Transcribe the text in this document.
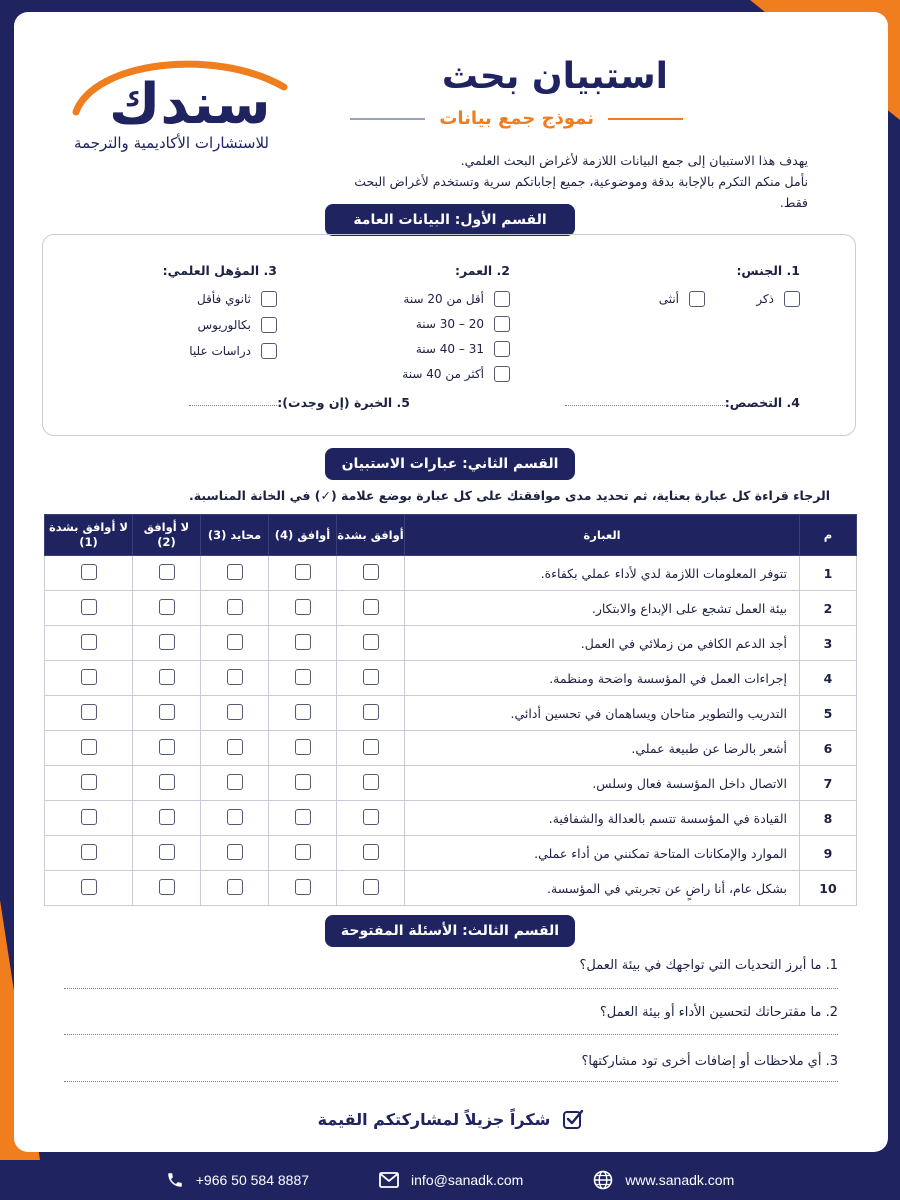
سندك
للاستشارات الأكاديمية والترجمة
استبيان بحث
نموذج جمع بيانات
يهدف هذا الاستبيان إلى جمع البيانات اللازمة لأغراض البحث العلمي.
نأمل منكم التكرم بالإجابة بدقة وموضوعية، جميع إجاباتكم سرية وتستخدم لأغراض البحث فقط.
القسم الأول: البيانات العامة
1. الجنس:
ذكر
أنثى
2. العمر:
أقل من 20 سنة
20 – 30 سنة
31 – 40 سنة
أكثر من 40 سنة
3. المؤهل العلمي:
ثانوي فأقل
بكالوريوس
دراسات عليا
4. التخصص:
5. الخبرة (إن وجدت):
القسم الثاني: عبارات الاستبيان
الرجاء قراءة كل عبارة بعناية، ثم تحديد مدى موافقتك على كل عبارة بوضع علامة (✓) في الخانة المناسبة.
م	العبارة	أوافق بشدة	أوافق (4)	محايد (3)	لا أوافق (2)	لا أوافق بشدة (1)
1	تتوفر المعلومات اللازمة لدي لأداء عملي بكفاءة.					
2	بيئة العمل تشجع على الإبداع والابتكار.					
3	أجد الدعم الكافي من زملائي في العمل.					
4	إجراءات العمل في المؤسسة واضحة ومنظمة.					
5	التدريب والتطوير متاحان ويساهمان في تحسين أدائي.					
6	أشعر بالرضا عن طبيعة عملي.					
7	الاتصال داخل المؤسسة فعال وسلس.					
8	القيادة في المؤسسة تتسم بالعدالة والشفافية.					
9	الموارد والإمكانات المتاحة تمكنني من أداء عملي.					
10	بشكل عام، أنا راضٍ عن تجربتي في المؤسسة.					
القسم الثالث: الأسئلة المفتوحة
1. ما أبرز التحديات التي تواجهك في بيئة العمل؟
2. ما مقترحاتك لتحسين الأداء أو بيئة العمل؟
3. أي ملاحظات أو إضافات أخرى تود مشاركتها؟
شكراً جزيلاً لمشاركتكم القيمة
+966 50 584 8887	info@sanadk.com	www.sanadk.com
